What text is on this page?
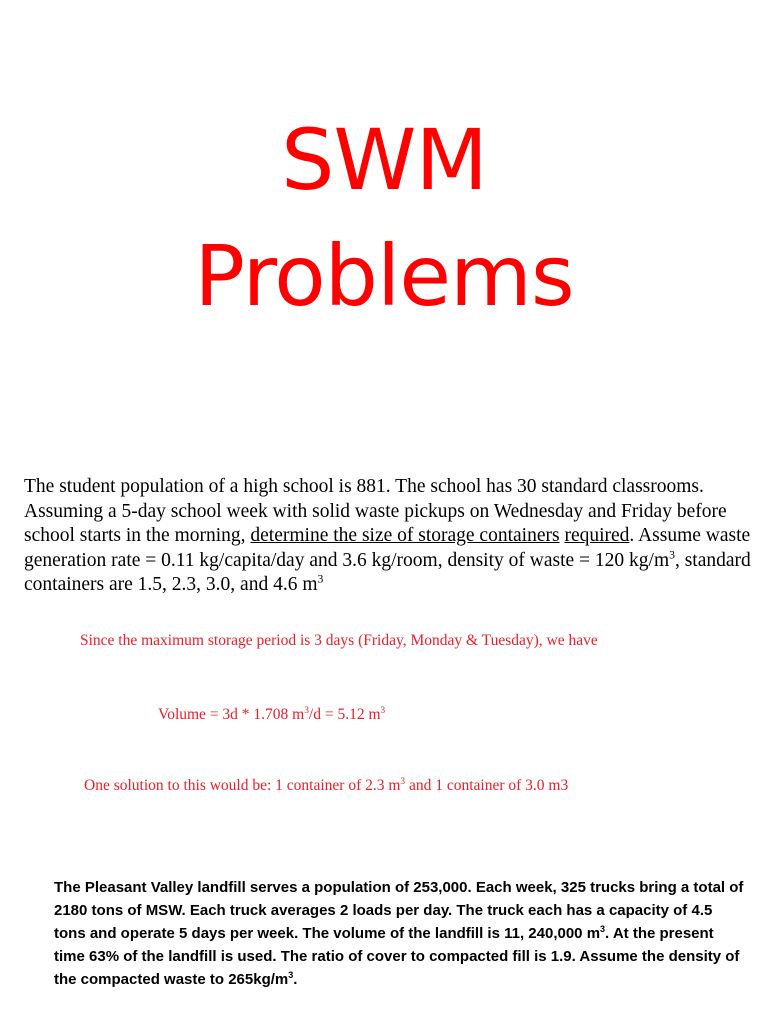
SWM
Problems

The student population of a high school is 881. The school has 30 standard classrooms. Assuming a 5-day school week with solid waste pickups on Wednesday and Friday before school starts in the morning, determine the size of storage containers required. Assume waste generation rate = 0.11 kg/capita/day and 3.6 kg/room, density of waste = 120 $kg/m^3$, standard containers are 1.5, 2.3, 3.0, and 4.6 $m^3$

Since the maximum storage period is 3 days (Friday, Monday & Tuesday), we have

Volume = 3d * 1.708 $m^3/d = 5.12$ $m^3$

One solution to this would be: 1 container of 2.3 $m^3$ and 1 container of 3.0 m3

The Pleasant Valley landfill serves a population of 253,000. Each week, 325 trucks bring a total of 2180 tons of MSW. Each truck averages 2 loads per day. The truck each has a capacity of 4.5 tons and operate 5 days per week. The volume of the landfill is 11, 240,000 $m^3$. At the present time 63% of the landfill is used. The ratio of cover to compacted fill is 1.9. Assume the density of the compacted waste to $265kg/m^3$.
